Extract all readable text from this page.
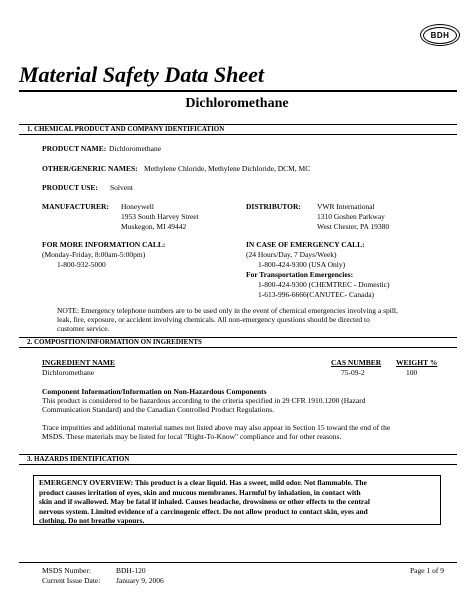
BDH
Material Safety Data Sheet
Dichloromethane
1. CHEMICAL PRODUCT AND COMPANY IDENTIFICATION
PRODUCT NAME: Dichloromethane
OTHER/GENERIC NAMES: Methylene Chloride, Methylene Dichloride, DCM, MC
PRODUCT USE: Solvent
MANUFACTURER: Honeywell
1953 South Harvey Street
Muskegon, MI 49442
DISTRIBUTOR: VWR International
1310 Goshen Parkway
West Chester, PA 19380
FOR MORE INFORMATION CALL:
(Monday-Friday, 8:00am-5:00pm)
1-800-932-5000
IN CASE OF EMERGENCY CALL:
(24 Hours/Day, 7 Days/Week)
1-800-424-9300 (USA Only)
For Transportation Emergencies:
1-800-424-9300 (CHEMTREC - Domestic)
1-613-996-6666(CANUTEC- Canada)
NOTE: Emergency telephone numbers are to be used only in the event of chemical emergencies involving a spill,
leak, fire, exposure, or accident involving chemicals. All non-emergency questions should be directed to
customer service.
2. COMPOSITION/INFORMATION ON INGREDIENTS
INGREDIENT NAME	CAS NUMBER WEIGHT %
Dichloromethane	75-09-2	100
Component Information/Information on Non-Hazardous Components
This product is considered to be hazardous according to the criteria specified in 29 CFR 1910.1200 (Hazard
Communication Standard) and the Canadian Controlled Product Regulations.
Trace impurities and additional material names not listed above may also appear in Section 15 toward the end of the
MSDS. These materials may be listed for local "Right-To-Know" compliance and for other reasons.
3. HAZARDS IDENTIFICATION

EMERGENCY OVERVIEW: This product is a clear liquid. Has a sweet, mild odor. Not flammable. The

product causes irritation of eyes, skin and mucous membranes. Harmful by inhalation, in contact with

skin and if swallowed. May be fatal if inhaled. Causes headache, drowsiness or other effects to the central

nervous system. Limited evidence of a carcinogenic effect. Do not allow product to contact skin, eyes and

clothing. Do not breathe vapours.

MSDS Number:	BDH-120
Current Issue Date: January 9, 2006
Page 1 of 9
